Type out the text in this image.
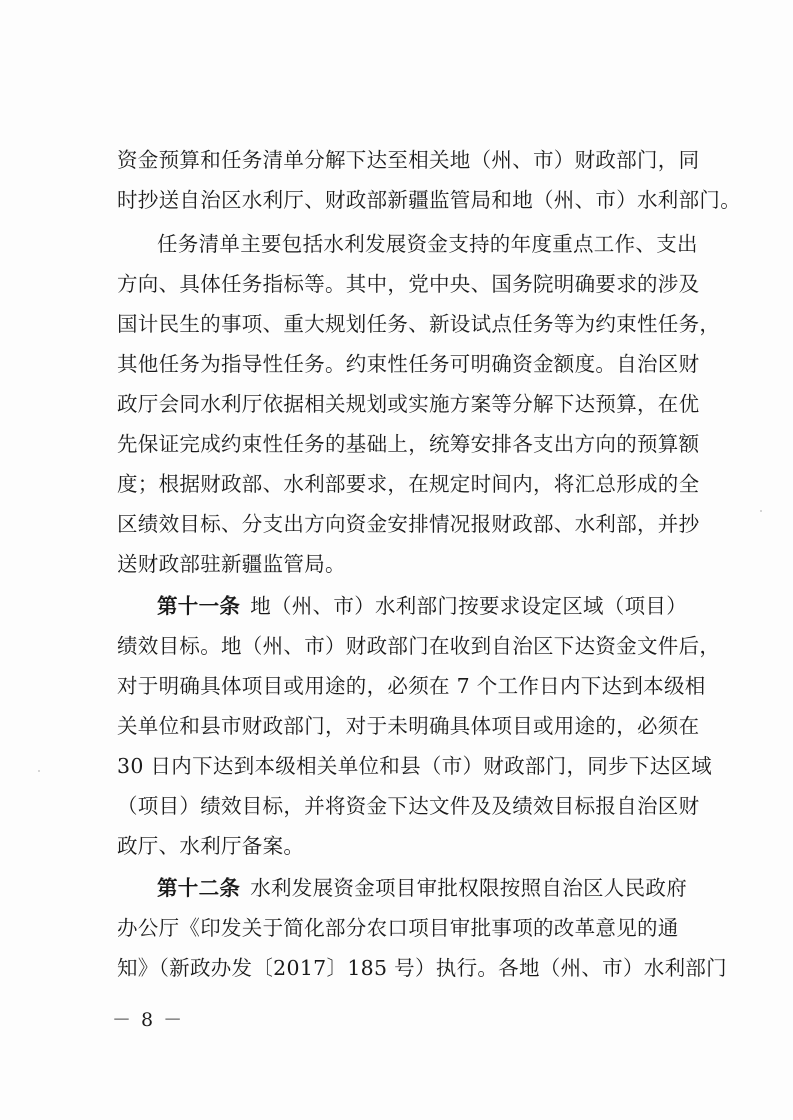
资金预算和任务清单分解下达至相关地（州、市）财政部门，同
时抄送自治区水利厅、财政部新疆监管局和地（州、市）水利部门。
任务清单主要包括水利发展资金支持的年度重点工作、支出
方向、具体任务指标等。其中，党中央、国务院明确要求的涉及
国计民生的事项、重大规划任务、新设试点任务等为约束性任务，
其他任务为指导性任务。约束性任务可明确资金额度。自治区财
政厅会同水利厅依据相关规划或实施方案等分解下达预算，在优
先保证完成约束性任务的基础上，统筹安排各支出方向的预算额
度；根据财政部、水利部要求，在规定时间内，将汇总形成的全
区绩效目标、分支出方向资金安排情况报财政部、水利部，并抄
送财政部驻新疆监管局。
第十一条 地（州、市）水利部门按要求设定区域（项目）
绩效目标。地（州、市）财政部门在收到自治区下达资金文件后，
对于明确具体项目或用途的，必须在 7 个工作日内下达到本级相
关单位和县市财政部门，对于未明确具体项目或用途的，必须在
30 日内下达到本级相关单位和县（市）财政部门，同步下达区域
（项目）绩效目标，并将资金下达文件及及绩效目标报自治区财
政厅、水利厅备案。
第十二条 水利发展资金项目审批权限按照自治区人民政府
办公厅《印发关于简化部分农口项目审批事项的改革意见的通
知》（新政办发〔2017〕185 号）执行。各地（州、市）水利部门
－ 8 －
